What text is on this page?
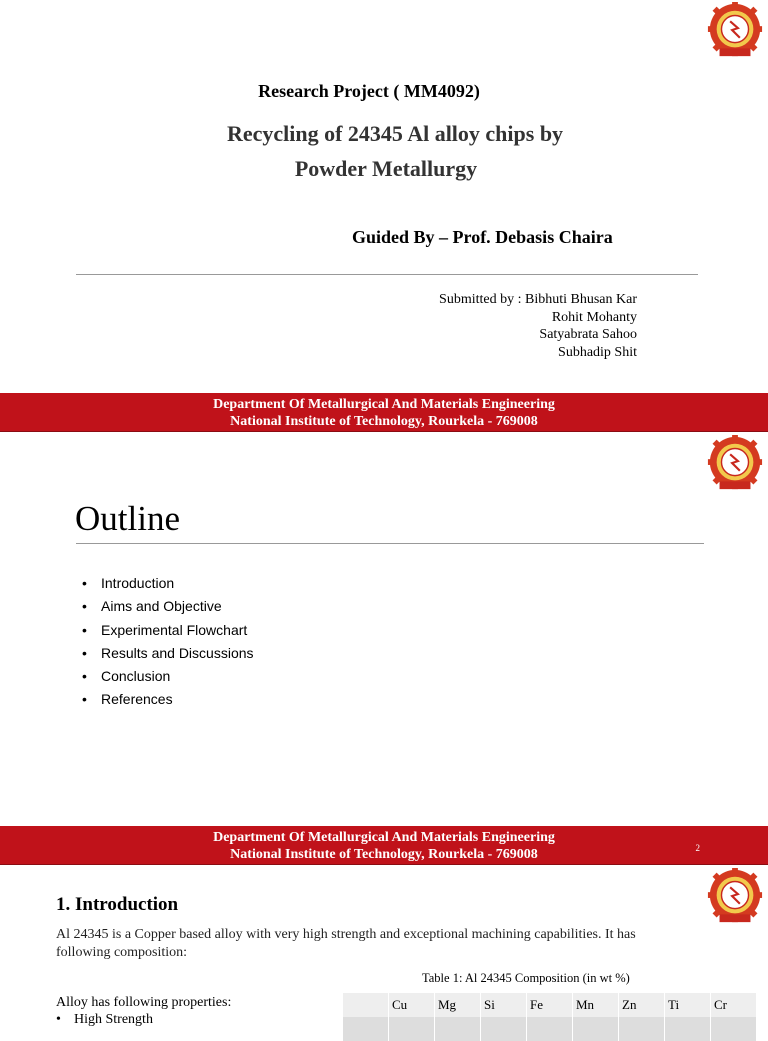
Research Project ( MM4092)
Recycling of 24345 Al alloy chips by
Powder Metallurgy
Guided By – Prof. Debasis Chaira
Submitted by : Bibhuti Bhusan Kar
Rohit Mohanty
Satyabrata Sahoo
Subhadip Shit
Department Of Metallurgical And Materials Engineering
National Institute of Technology, Rourkela - 769008
Outline
• Introduction
• Aims and Objective
• Experimental Flowchart
• Results and Discussions
• Conclusion
• References
Department Of Metallurgical And Materials Engineering
National Institute of Technology, Rourkela - 769008	2
1. Introduction
Al 24345 is a Copper based alloy with very high strength and exceptional machining capabilities. It has
following composition:
Table 1: Al 24345 Composition (in wt %)
Alloy has following properties:
• High Strength
	Cu	Mg	Si	Fe	Mn	Zn	Ti	Cr
